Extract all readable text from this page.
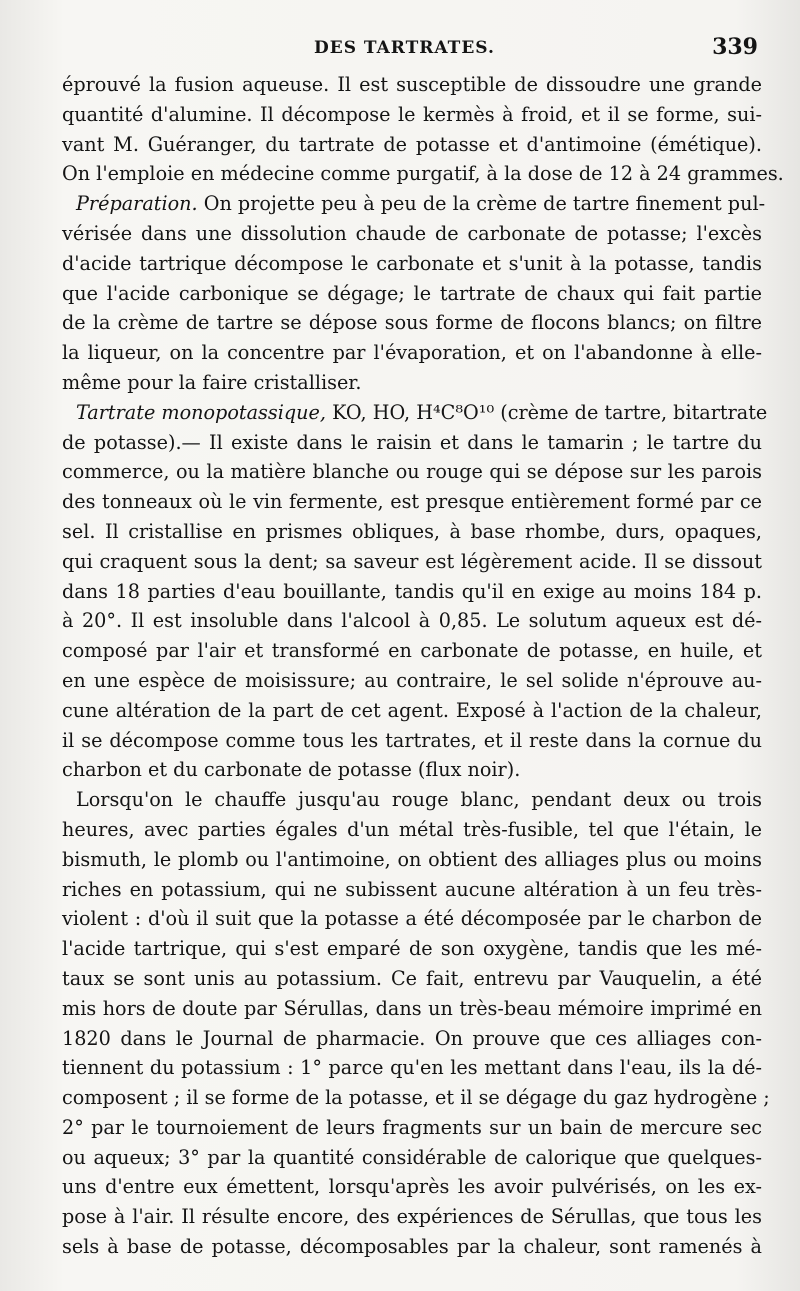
DES TARTRATES.	339

éprouvé la fusion aqueuse. Il est susceptible de dissoudre une grande
quantité d'alumine. Il décompose le kermès à froid, et il se forme, sui-
vant M. Guéranger, du tartrate de potasse et d'antimoine (émétique).
On l'emploie en médecine comme purgatif, à la dose de 12 à 24 grammes.

Préparation. On projette peu à peu de la crème de tartre finement pul-
vérisée dans une dissolution chaude de carbonate de potasse; l'excès
d'acide tartrique décompose le carbonate et s'unit à la potasse, tandis
que l'acide carbonique se dégage; le tartrate de chaux qui fait partie
de la crème de tartre se dépose sous forme de flocons blancs; on filtre
la liqueur, on la concentre par l'évaporation, et on l'abandonne à elle-
même pour la faire cristalliser.

Tartrate monopotassique, KO, HO, H⁴C⁸O¹⁰ (crème de tartre, bitartrate
de potasse).— Il existe dans le raisin et dans le tamarin ; le tartre du
commerce, ou la matière blanche ou rouge qui se dépose sur les parois
des tonneaux où le vin fermente, est presque entièrement formé par ce
sel. Il cristallise en prismes obliques, à base rhombe, durs, opaques,
qui craquent sous la dent; sa saveur est légèrement acide. Il se dissout
dans 18 parties d'eau bouillante, tandis qu'il en exige au moins 184 p.
à 20°. Il est insoluble dans l'alcool à 0,85. Le solutum aqueux est dé-
composé par l'air et transformé en carbonate de potasse, en huile, et
en une espèce de moisissure; au contraire, le sel solide n'éprouve au-
cune altération de la part de cet agent. Exposé à l'action de la chaleur,
il se décompose comme tous les tartrates, et il reste dans la cornue du
charbon et du carbonate de potasse (flux noir).

Lorsqu'on le chauffe jusqu'au rouge blanc, pendant deux ou trois
heures, avec parties égales d'un métal très-fusible, tel que l'étain, le
bismuth, le plomb ou l'antimoine, on obtient des alliages plus ou moins
riches en potassium, qui ne subissent aucune altération à un feu très-
violent : d'où il suit que la potasse a été décomposée par le charbon de
l'acide tartrique, qui s'est emparé de son oxygène, tandis que les mé-
taux se sont unis au potassium. Ce fait, entrevu par Vauquelin, a été
mis hors de doute par Sérullas, dans un très-beau mémoire imprimé en
1820 dans le Journal de pharmacie. On prouve que ces alliages con-
tiennent du potassium : 1° parce qu'en les mettant dans l'eau, ils la dé-
composent ; il se forme de la potasse, et il se dégage du gaz hydrogène ;
2° par le tournoiement de leurs fragments sur un bain de mercure sec
ou aqueux; 3° par la quantité considérable de calorique que quelques-
uns d'entre eux émettent, lorsqu'après les avoir pulvérisés, on les ex-
pose à l'air. Il résulte encore, des expériences de Sérullas, que tous les
sels à base de potasse, décomposables par la chaleur, sont ramenés à
